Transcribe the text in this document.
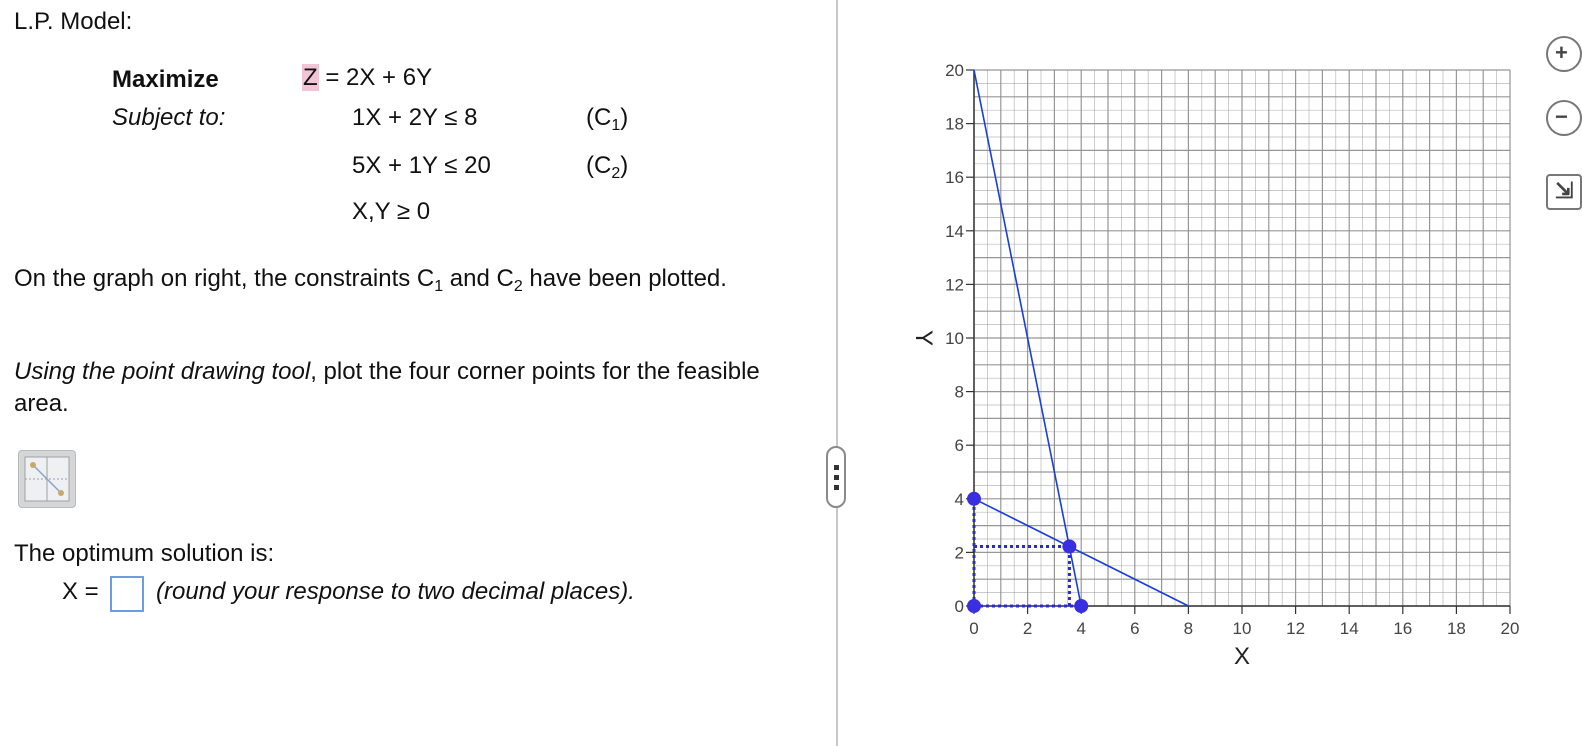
L.P. Model:
Maximize
Subject to:
Z = 2X + 6Y
1X + 2Y ≤ 8	$(C_1)$
5X + 1Y ≤ 20	$(C_2)$
X,Y ≥ 0
On the graph on right, the constraints $C_1$ and $C_2$ have been plotted.
Using the point drawing tool, plot the four corner points for the feasible area.
The optimum solution is:
X = (round your response to two decimal places).
0	2	4	6	8 10 12 14 16 18 20
0
2
4
6
8
10
12
14
16
18
20
X
Y
+
−
⇲
